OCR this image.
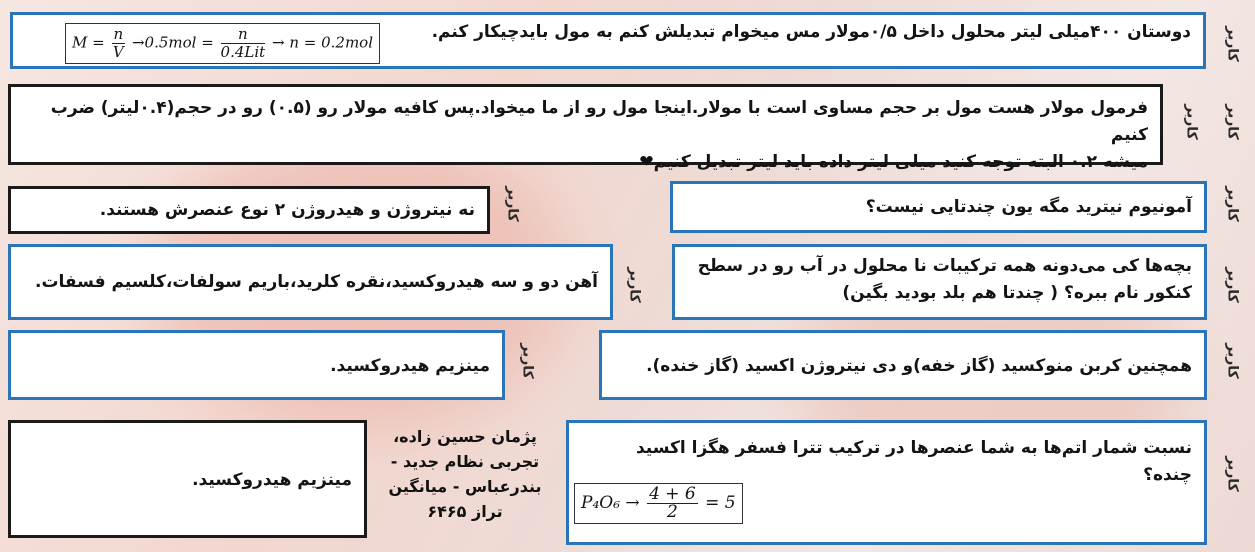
کاربر
دوستان ۴۰۰میلی لیتر محلول داخل ۰/۵مولار مس میخوام تبدیلش کنم به مول بایدچیکار کنم.
$M = \frac{n}{V} \to 0.5mol = \frac{n}{\text{0.4Lit}} \to n = 0.2mol$
کاربر
کاربر
فرمول مولار هست مول بر حجم مساوی است با مولار.اینجا مول رو از ما میخواد.پس کافیه مولار رو (۰.۵) رو در حجم(۰.۴لیتر) ضرب کنیم
میشه ۰.۲ البته توجه کنید میلی لیتر داده باید لیتر تبدیل کنیم❤
کاربر
آمونیوم نیترید مگه یون چندتایی نیست؟
کاربر
نه نیتروژن و هیدروژن ۲ نوع عنصرش هستند.
کاربر
بچه‌ها کی می‌دونه همه ترکیبات نا محلول در آب رو در سطح
کنکور نام ببره؟ ( چندتا هم بلد بودید بگین)
کاربر
آهن دو و سه هیدروکسید،نقره کلرید،باریم سولفات،کلسیم فسفات.
کاربر
همچنین کربن منوکسید (گاز خفه)و دی نیتروژن اکسید (گاز خنده).
کاربر
مینزیم هیدروکسید.
کاربر
نسبت شمار اتم‌ها به شما عنصرها در ترکیب تترا فسفر هگزا اکسید
چنده؟
$P_4O_6 \to \frac{4 + 6}{2} = 5$
پژمان حسین زاده،
تجربی نظام جدید -
بندرعباس - میانگین
تراز ۶۴۶۵
مینزیم هیدروکسید.
